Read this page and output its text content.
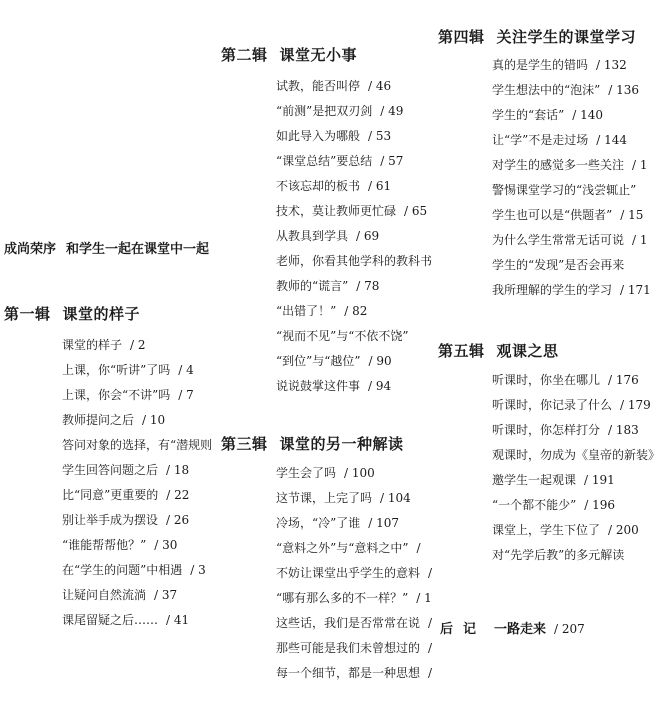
成尚荣序 和学生一起在课堂中一起
第一辑 课堂的样子
课堂的样子 / 2
上课，你“听讲”了吗 / 4
上课，你会“不讲”吗 / 7
教师提问之后 / 10
答问对象的选择，有“潜规则
学生回答问题之后 / 18
比“同意”更重要的 / 22
别让举手成为摆设 / 26
“谁能帮帮他？” / 30
在“学生的问题”中相遇 / 3
让疑问自然流淌 / 37
课尾留疑之后…… / 41
第二辑 课堂无小事
试教，能否叫停 / 46
“前测”是把双刃剑 / 49
如此导入为哪般 / 53
“课堂总结”要总结 / 57
不该忘却的板书 / 61
技术，莫让教师更忙碌 / 65
从教具到学具 / 69
老师，你看其他学科的教科书
教师的“谎言” / 78
“出错了！” / 82
“视而不见”与“不依不饶”
“到位”与“越位” / 90
说说鼓掌这件事 / 94
第三辑 课堂的另一种解读
学生会了吗 / 100
这节课，上完了吗 / 104
冷场，“冷”了谁 / 107
“意料之外”与“意料之中” /
不妨让课堂出乎学生的意料 /
“哪有那么多的不一样？” / 1
这些话，我们是否常常在说 /
那些可能是我们未曾想过的 /
每一个细节，都是一种思想 /
第四辑 关注学生的课堂学习
真的是学生的错吗 / 132
学生想法中的“泡沫” / 136
学生的“套话” / 140
让“学”不是走过场 / 144
对学生的感觉多一些关注 / 1
警惕课堂学习的“浅尝辄止”
学生也可以是“供题者” / 15
为什么学生常常无话可说 / 1
学生的“发现”是否会再来
我所理解的学生的学习 / 171
第五辑 观课之思
听课时，你坐在哪儿 / 176
听课时，你记录了什么 / 179
听课时，你怎样打分 / 183
观课时，勿成为《皇帝的新装》
邀学生一起观课 / 191
“一个都不能少” / 196
课堂上，学生下位了 / 200
对“先学后教”的多元解读
后记 一路走来 / 207
